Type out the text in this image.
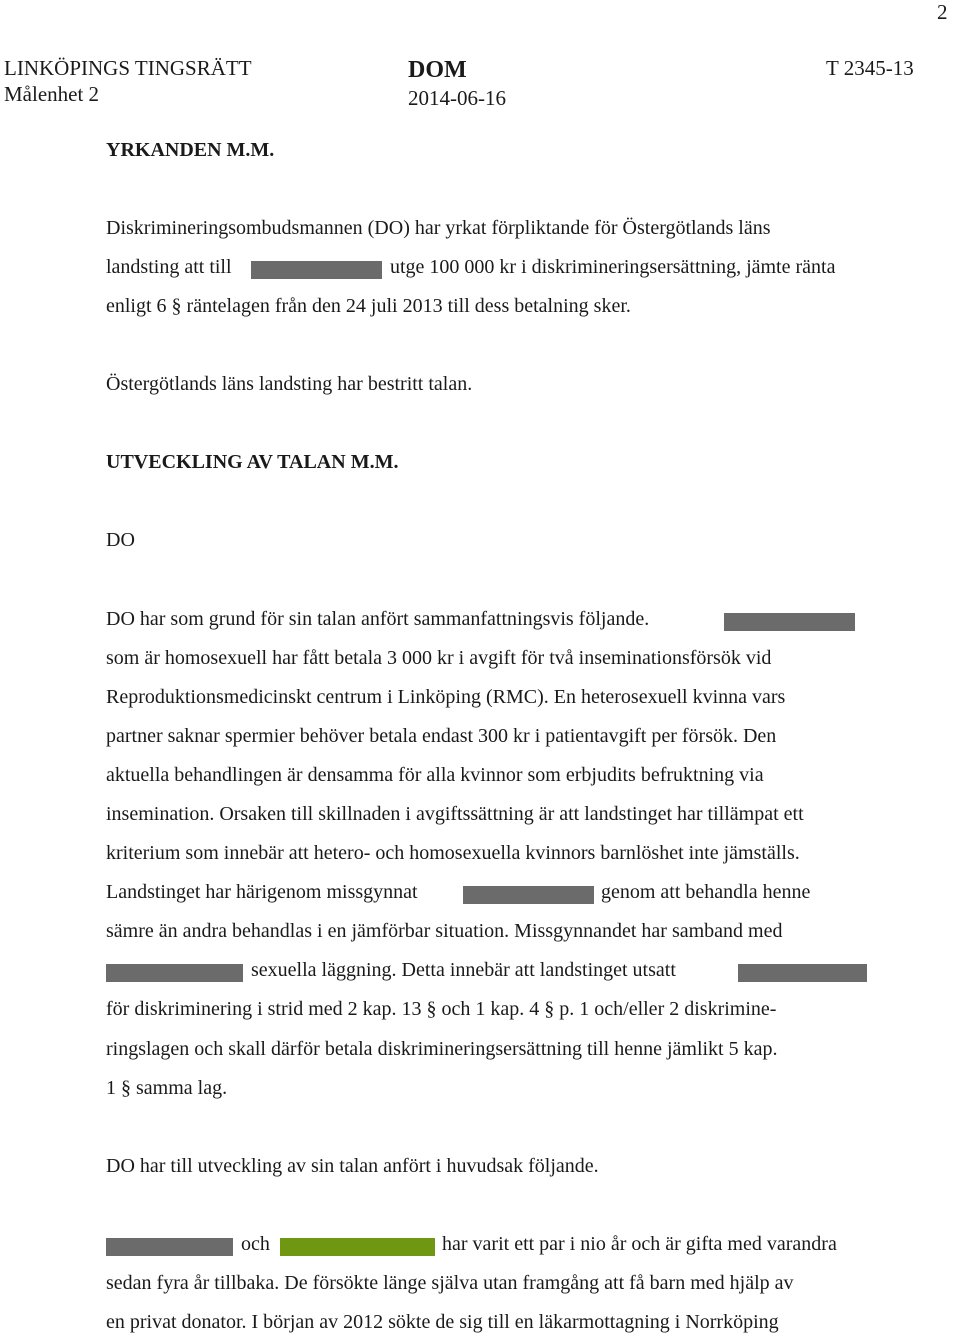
2
LINKÖPINGS TINGSRÄTT
Målenhet 2
DOM
2014-06-16
T 2345-13
YRKANDEN M.M.
Diskrimineringsombudsmannen (DO) har yrkat förpliktande för Östergötlands läns
landsting att till	utge 100 000 kr i diskrimineringsersättning, jämte ränta
enligt 6 § räntelagen från den 24 juli 2013 till dess betalning sker.
Östergötlands läns landsting har bestritt talan.
UTVECKLING AV TALAN M.M.
DO
DO har som grund för sin talan anfört sammanfattningsvis följande.
som är homosexuell har fått betala 3 000 kr i avgift för två inseminationsförsök vid
Reproduktionsmedicinskt centrum i Linköping (RMC). En heterosexuell kvinna vars
partner saknar spermier behöver betala endast 300 kr i patientavgift per försök. Den
aktuella behandlingen är densamma för alla kvinnor som erbjudits befruktning via
insemination. Orsaken till skillnaden i avgiftssättning är att landstinget har tillämpat ett
kriterium som innebär att hetero- och homosexuella kvinnors barnlöshet inte jämställs.
Landstinget har härigenom missgynnat	genom att behandla henne
sämre än andra behandlas i en jämförbar situation. Missgynnandet har samband med
sexuella läggning. Detta innebär att landstinget utsatt
för diskriminering i strid med 2 kap. 13 § och 1 kap. 4 § p. 1 och/eller 2 diskrimine-
ringslagen och skall därför betala diskrimineringsersättning till henne jämlikt 5 kap.
1 § samma lag.
DO har till utveckling av sin talan anfört i huvudsak följande.
och	har varit ett par i nio år och är gifta med varandra
sedan fyra år tillbaka. De försökte länge själva utan framgång att få barn med hjälp av
en privat donator. I början av 2012 sökte de sig till en läkarmottagning i Norrköping
